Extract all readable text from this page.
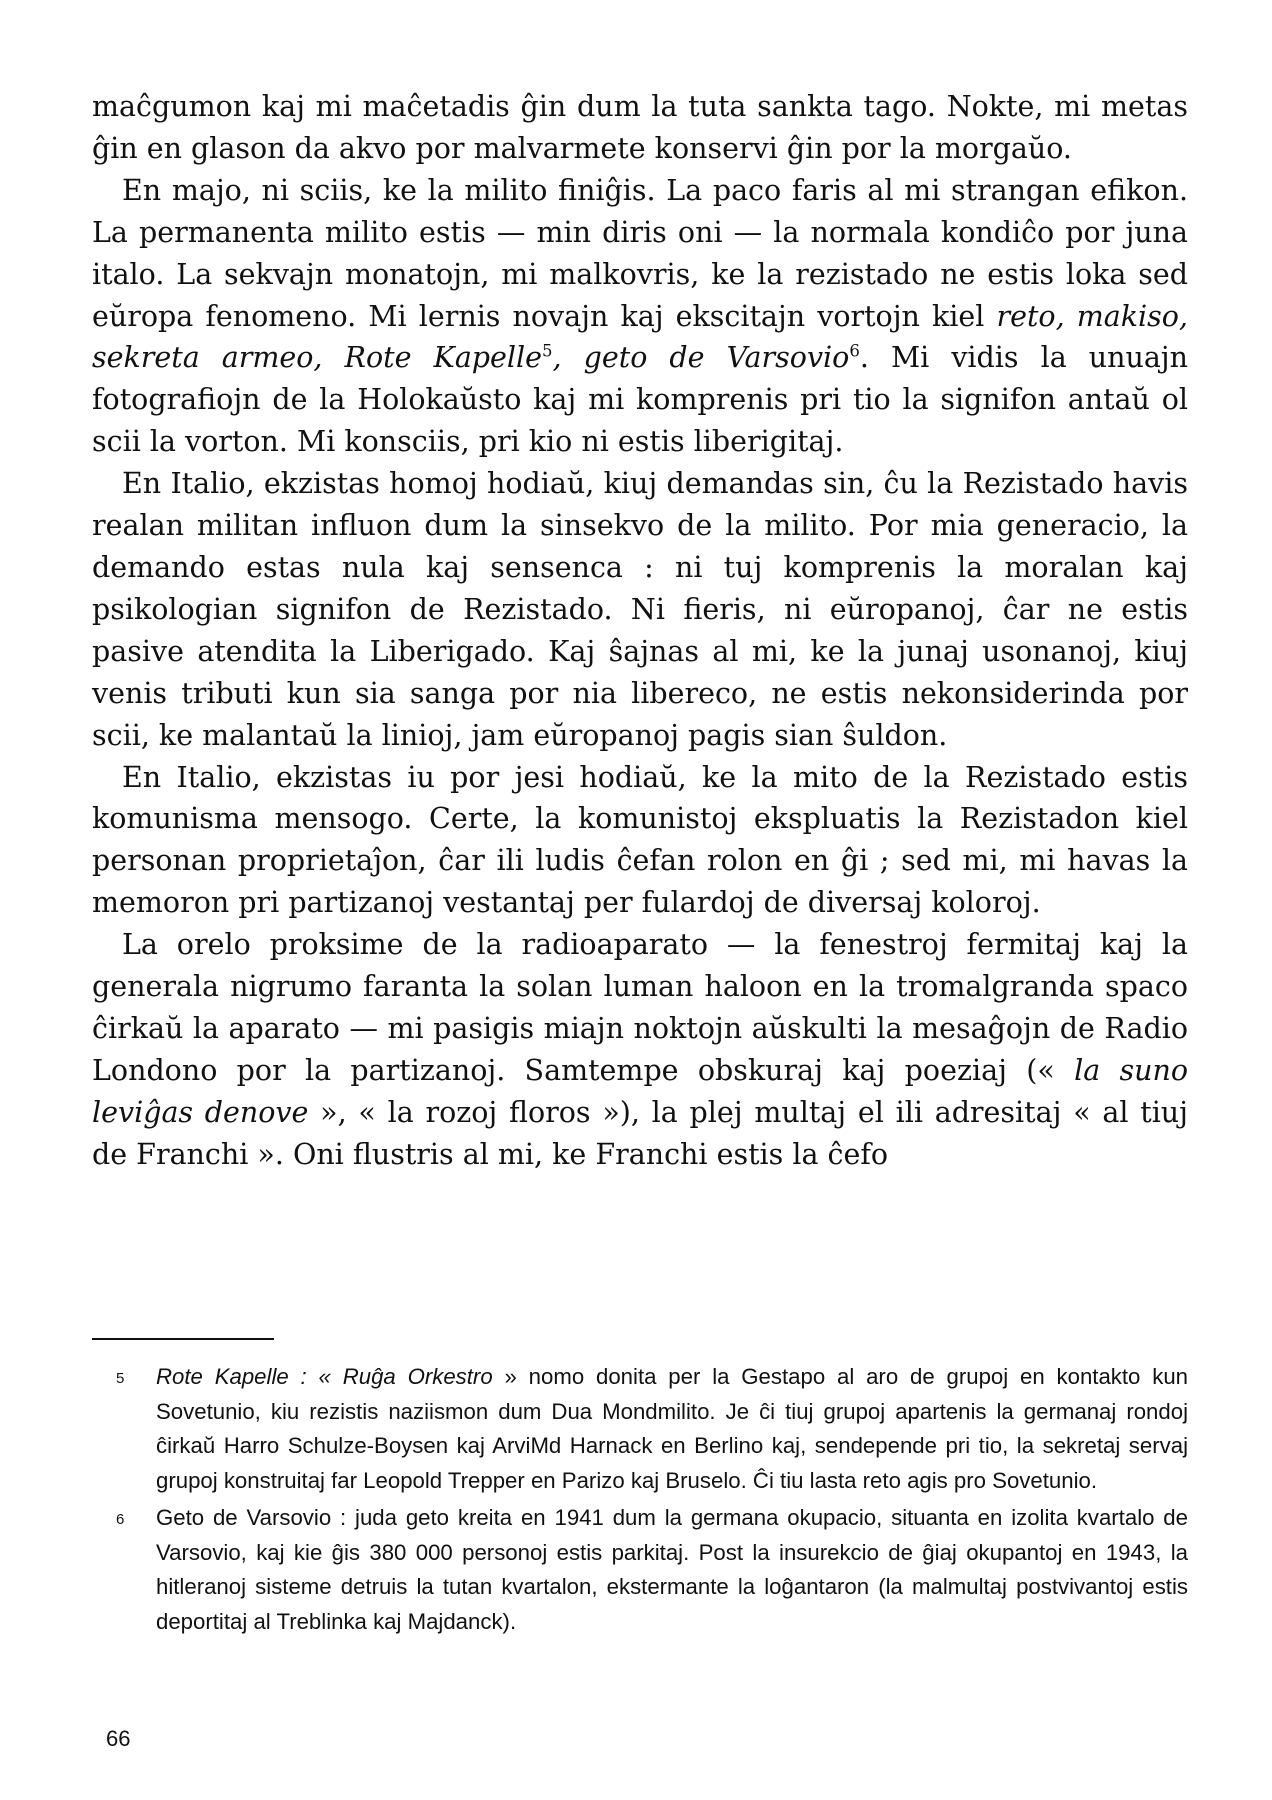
maĉgumon kaj mi maĉetadis ĝin dum la tuta sankta tago. Nokte, mi metas ĝin en glason da akvo por malvarmete konservi ĝin por la morgaŭo.

En majo, ni sciis, ke la milito finiĝis. La paco faris al mi strangan efikon. La permanenta milito estis — min diris oni — la normala kondiĉo por juna italo. La sekvajn monatojn, mi malkovris, ke la rezistado ne estis loka sed eŭropa fenomeno. Mi lernis novajn kaj ekscitajn vortojn kiel reto, makiso, sekreta armeo, Rote Kapelle$^5$, geto de Varsovio$^6$. Mi vidis la unuajn fotografiojn de la Holokaŭsto kaj mi komprenis pri tio la signifon antaŭ ol scii la vorton. Mi konsciis, pri kio ni estis liberigitaj.

En Italio, ekzistas homoj hodiaŭ, kiuj demandas sin, ĉu la Rezistado havis realan militan influon dum la sinsekvo de la milito. Por mia generacio, la demando estas nula kaj sensenca : ni tuj komprenis la moralan kaj psikologian signifon de Rezistado. Ni fieris, ni eŭropanoj, ĉar ne estis pasive atendita la Liberigado. Kaj ŝajnas al mi, ke la junaj usonanoj, kiuj venis tributi kun sia sanga por nia libereco, ne estis nekonsiderinda por scii, ke malantaŭ la linioj, jam eŭropanoj pagis sian ŝuldon.

En Italio, ekzistas iu por jesi hodiaŭ, ke la mito de la Rezistado estis komunisma mensogo. Certe, la komunistoj ekspluatis la Rezistadon kiel personan proprietaĵon, ĉar ili ludis ĉefan rolon en ĝi ; sed mi, mi havas la memoron pri partizanoj vestantaj per fulardoj de diversaj koloroj.

La orelo proksime de la radioaparato — la fenestroj fermitaj kaj la generala nigrumo faranta la solan luman haloon en la tromalgranda spaco ĉirkaŭ la aparato — mi pasigis miajn noktojn aŭskulti la mesaĝojn de Radio Londono por la partizanoj. Samtempe obskuraj kaj poeziaj (« la suno leviĝas denove », « la rozoj floros »), la plej multaj el ili adresitaj « al tiuj de Franchi ». Oni flustris al mi, ke Franchi estis la ĉefo

5 Rote Kapelle : « Ruĝa Orkestro » nomo donita per la Gestapo al aro de grupoj en kontakto kun Sovetunio, kiu rezistis naziismon dum Dua Mondmilito. Je ĉi tiuj grupoj apartenis la germanaj rondoj ĉirkaŭ Harro Schulze-Boysen kaj ArviMd Harnack en Berlino kaj, sendepende pri tio, la sekretaj servaj grupoj konstruitaj far Leopold Trepper en Parizo kaj Bruselo. Ĉi tiu lasta reto agis pro Sovetunio.
6 Geto de Varsovio : juda geto kreita en 1941 dum la germana okupacio, situanta en izolita kvartalo de Varsovio, kaj kie ĝis 380 000 personoj estis parkitaj. Post la insurekcio de ĝiaj okupantoj en 1943, la hitleranoj sisteme detruis la tutan kvartalon, ekstermante la loĝantaron (la malmultaj postvivantoj estis deportitaj al Treblinka kaj Majdanck).
66
